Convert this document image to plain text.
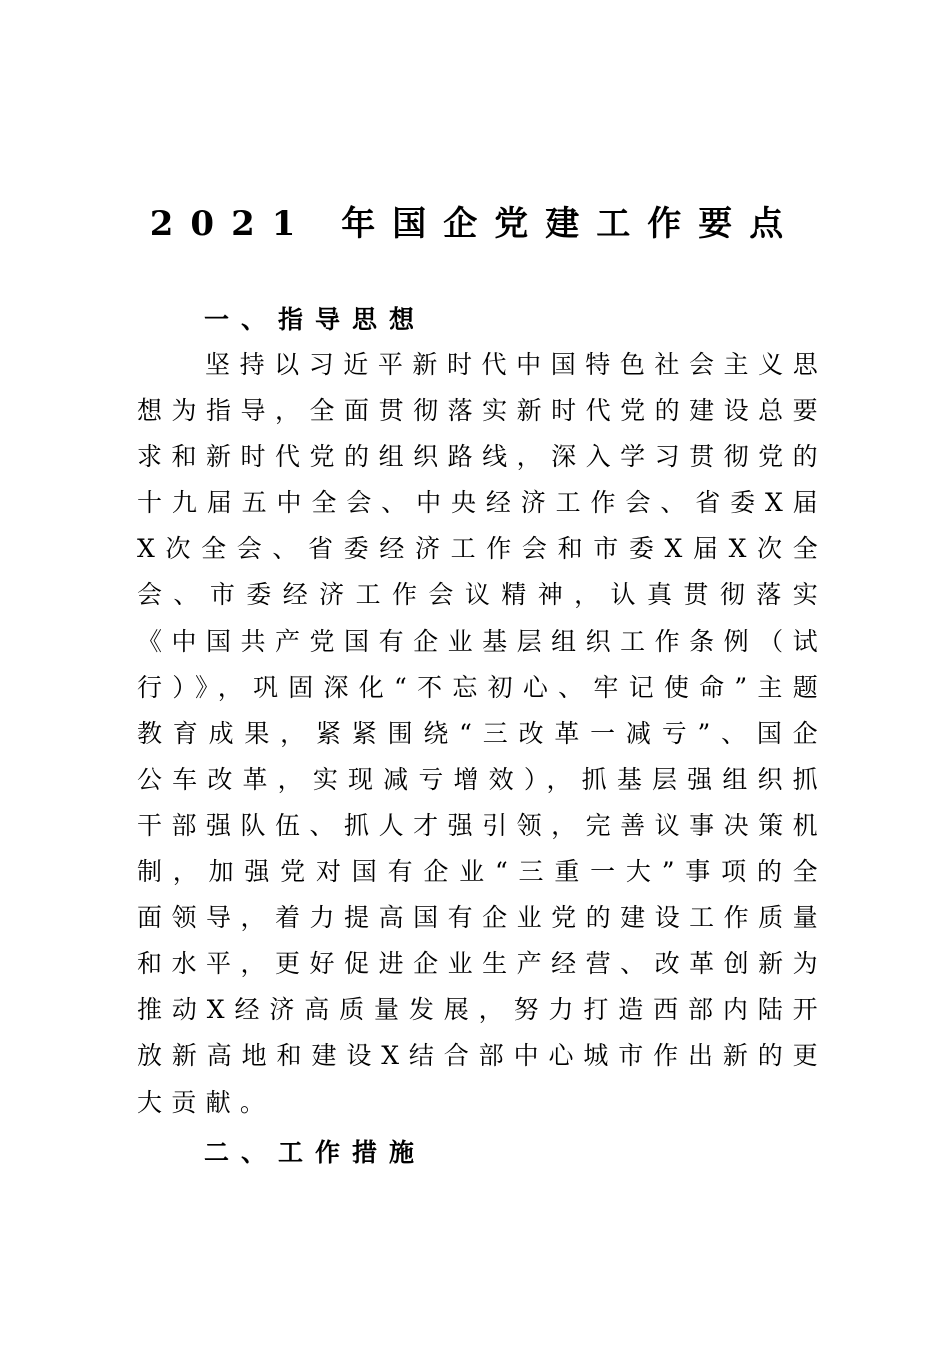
2021 年国企党建工作要点
一、指导思想
坚持以习近平新时代中国特色社会主义思想为指导，全面贯彻落实新时代党的建设总要求和新时代党的组织路线，深入学习贯彻党的十九届五中全会、中央经济工作会、省委X届X次全会、省委经济工作会和市委X届X次全会、市委经济工作会议精神，认真贯彻落实《中国共产党国有企业基层组织工作条例（试行）》，巩固深化“不忘初心、牢记使命”主题教育成果，紧紧围绕“三改革一减亏”、国企公车改革，实现减亏增效），抓基层强组织抓干部强队伍、抓人才强引领，完善议事决策机制，加强党对国有企业“三重一大”事项的全面领导，着力提高国有企业党的建设工作质量和水平，更好促进企业生产经营、改革创新为推动X经济高质量发展，努力打造西部内陆开放新高地和建设X结合部中心城市作出新的更大贡献。
二、工作措施
